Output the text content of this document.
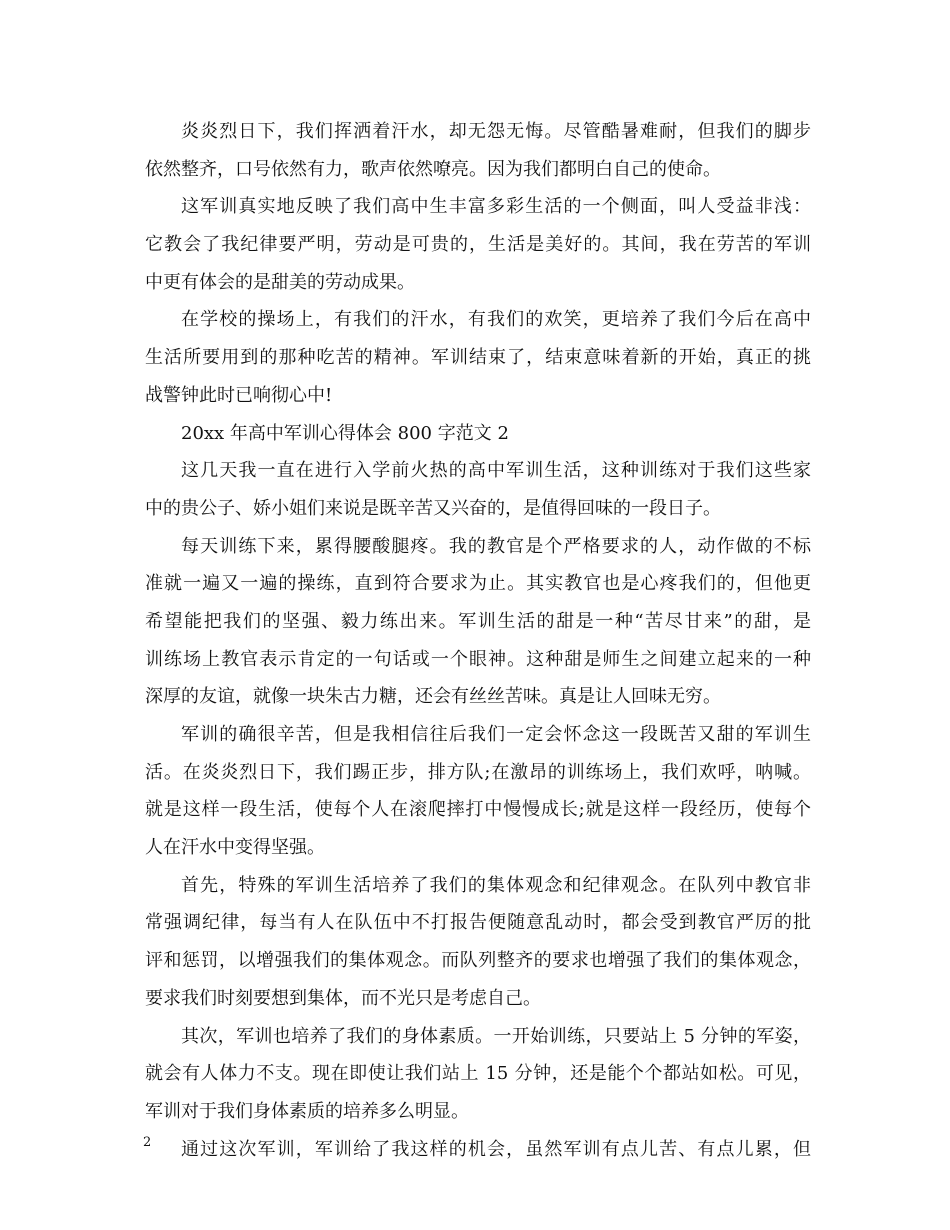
炎炎烈日下，我们挥洒着汗水，却无怨无悔。尽管酷暑难耐，但我们的脚步
依然整齐，口号依然有力，歌声依然嘹亮。因为我们都明白自己的使命。
这军训真实地反映了我们高中生丰富多彩生活的一个侧面，叫人受益非浅：
它教会了我纪律要严明，劳动是可贵的，生活是美好的。其间，我在劳苦的军训
中更有体会的是甜美的劳动成果。
在学校的操场上，有我们的汗水，有我们的欢笑，更培养了我们今后在高中
生活所要用到的那种吃苦的精神。军训结束了，结束意味着新的开始，真正的挑
战警钟此时已响彻心中!
20xx 年高中军训心得体会 800 字范文 2
这几天我一直在进行入学前火热的高中军训生活，这种训练对于我们这些家
中的贵公子、娇小姐们来说是既辛苦又兴奋的，是值得回味的一段日子。
每天训练下来，累得腰酸腿疼。我的教官是个严格要求的人，动作做的不标
准就一遍又一遍的操练，直到符合要求为止。其实教官也是心疼我们的，但他更
希望能把我们的坚强、毅力练出来。军训生活的甜是一种“苦尽甘来”的甜，是
训练场上教官表示肯定的一句话或一个眼神。这种甜是师生之间建立起来的一种
深厚的友谊，就像一块朱古力糖，还会有丝丝苦味。真是让人回味无穷。
军训的确很辛苦，但是我相信往后我们一定会怀念这一段既苦又甜的军训生
活。在炎炎烈日下，我们踢正步，排方队;在激昂的训练场上，我们欢呼，呐喊。
就是这样一段生活，使每个人在滚爬摔打中慢慢成长;就是这样一段经历，使每个
人在汗水中变得坚强。
首先，特殊的军训生活培养了我们的集体观念和纪律观念。在队列中教官非
常强调纪律，每当有人在队伍中不打报告便随意乱动时，都会受到教官严厉的批
评和惩罚，以增强我们的集体观念。而队列整齐的要求也增强了我们的集体观念，
要求我们时刻要想到集体，而不光只是考虑自己。
其次，军训也培养了我们的身体素质。一开始训练，只要站上 5 分钟的军姿，
就会有人体力不支。现在即使让我们站上 15 分钟，还是能个个都站如松。可见，
军训对于我们身体素质的培养多么明显。
通过这次军训，军训给了我这样的机会，虽然军训有点儿苦、有点儿累，但
2
